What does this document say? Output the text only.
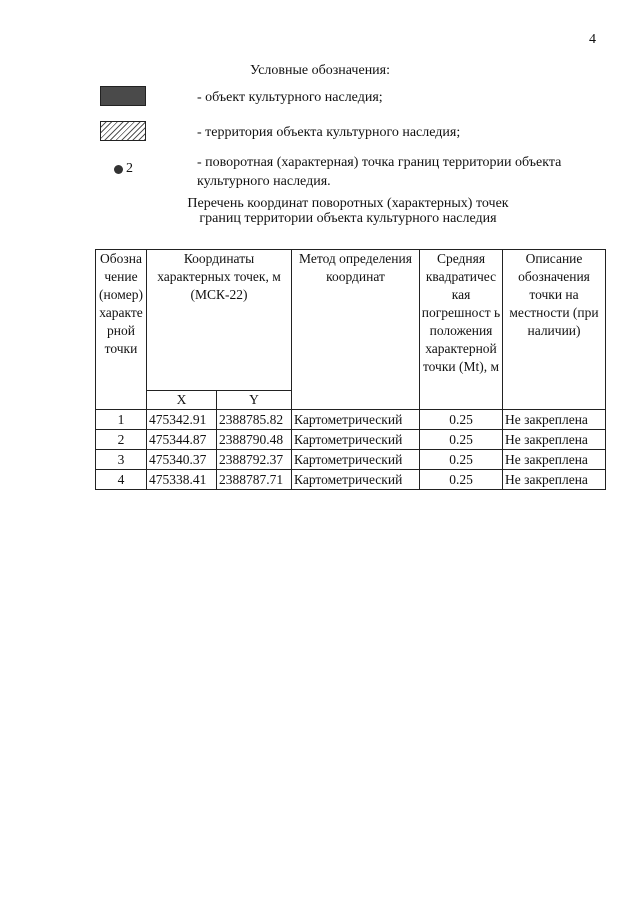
4
Условные обозначения:
- объект культурного наследия;
- территория объекта культурного наследия;
2	- поворотная (характерная) точка границ территории объекта культурного наследия.
Перечень координат поворотных (характерных) точек
границ территории объекта культурного наследия
Обозна чение (номер) характе рной точки	Координаты характерных точек, м (МСК-22)		Метод определения координат	Средняя квадратичес кая погрешност ь положения характерной точки (Mt), м	Описание обозначения точки на местности (при наличии)
	X	Y			
1	475342.91	2388785.82	Картометрический	0.25	Не закреплена
2	475344.87	2388790.48	Картометрический	0.25	Не закреплена
3	475340.37	2388792.37	Картометрический	0.25	Не закреплена
4	475338.41	2388787.71	Картометрический	0.25	Не закреплена
